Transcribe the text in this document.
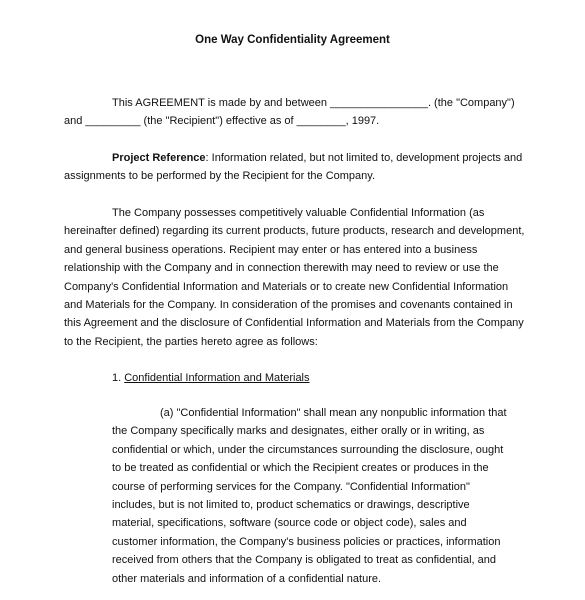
One Way Confidentiality Agreement
This AGREEMENT is made by and between ________________. (the "Company")
and _________ (the "Recipient") effective as of ________, 1997.
Project Reference: Information related, but not limited to, development projects and assignments to be performed by the Recipient for the Company.
The Company possesses competitively valuable Confidential Information (as hereinafter defined) regarding its current products, future products, research and development, and general business operations. Recipient may enter or has entered into a business relationship with the Company and in connection therewith may need to review or use the Company's Confidential Information and Materials or to create new Confidential Information and Materials for the Company. In consideration of the promises and covenants contained in this Agreement and the disclosure of Confidential Information and Materials from the Company to the Recipient, the parties hereto agree as follows:
1. Confidential Information and Materials
(a) "Confidential Information" shall mean any nonpublic information that the Company specifically marks and designates, either orally or in writing, as confidential or which, under the circumstances surrounding the disclosure, ought to be treated as confidential or which the Recipient creates or produces in the course of performing services for the Company. "Confidential Information" includes, but is not limited to, product schematics or drawings, descriptive material, specifications, software (source code or object code), sales and customer information, the Company's business policies or practices, information received from others that the Company is obligated to treat as confidential, and other materials and information of a confidential nature.
